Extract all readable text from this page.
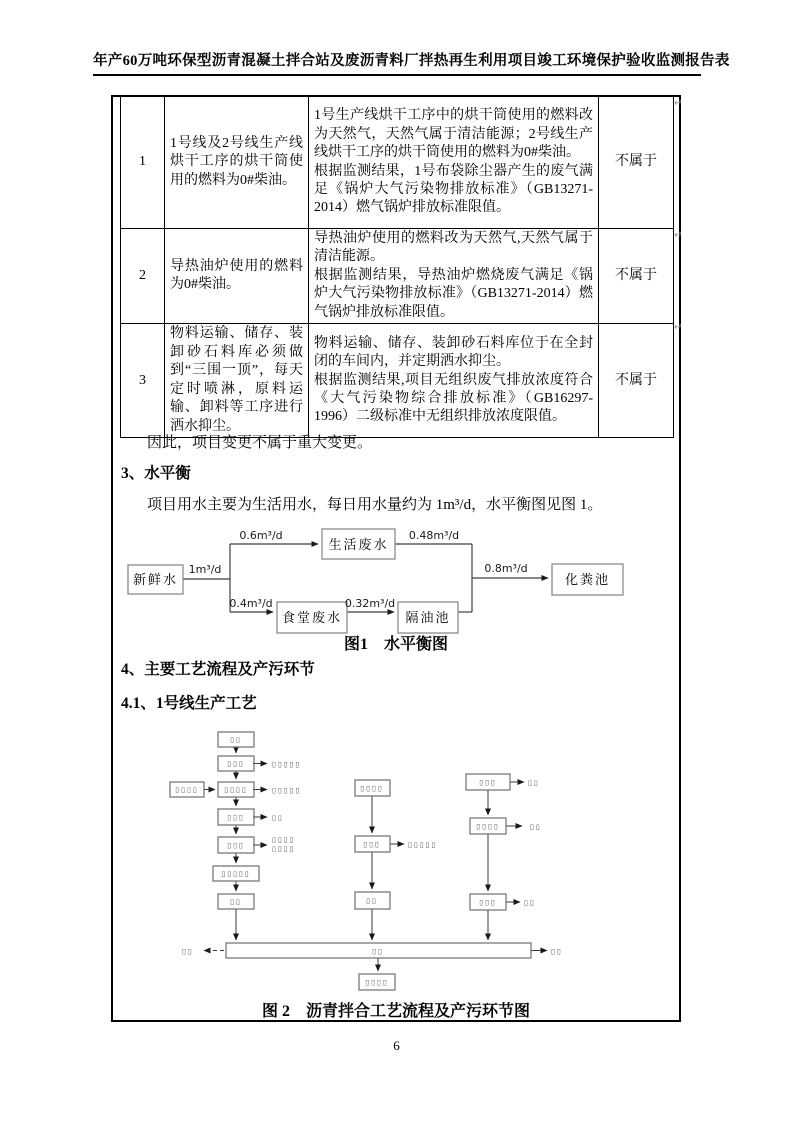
年产60万吨环保型沥青混凝土拌合站及废沥青料厂拌热再生利用项目竣工环境保护验收监测报告表
1	1号线及2号线生产线烘干工序的烘干筒使用的燃料为0#柴油。	1号生产线烘干工序中的烘干筒使用的燃料改为天然气，天然气属于清洁能源；2号线生产线烘干工序的烘干筒使用的燃料为0#柴油。

根据监测结果，1号布袋除尘器产生的废气满足《锅炉大气污染物排放标准》（GB13271-2014）燃气锅炉排放标准限值。	不属于
2	导热油炉使用的燃料为0#柴油。	导热油炉使用的燃料改为天然气,天然气属于清洁能源。

根据监测结果，导热油炉燃烧废气满足《锅炉大气污染物排放标准》（GB13271-2014）燃气锅炉排放标准限值。	不属于
3	物料运输、储存、装卸砂石料库必须做到“三围一顶”，每天定时喷淋，原料运输、卸料等工序进行洒水抑尘。	物料运输、储存、装卸砂石料库位于在全封闭的车间内，并定期洒水抑尘。

根据监测结果,项目无组织废气排放浓度符合《大气污染物综合排放标准》（GB16297-1996）二级标准中无组织排放浓度限值。	不属于
↵
↵
↵

因此，项目变更不属于重大变更。

3、水平衡

项目用水主要为生活用水，每日用水量约为 1m³/d，水平衡图见图 1。

新鲜水
生活废水
食堂废水	隔油池
化粪池
1m³/d
0.6m³/d	0.48m³/d
0.4m³/d	0.32m³/d
0.8m³/d
图1　水平衡图

4、主要工艺流程及产污环节

4.1、1号线生产工艺

▯▯
▯▯▯
▯▯▯▯	▯▯▯▯
▯▯▯
▯▯▯
▯▯▯▯▯
▯▯
▯▯▯▯
▯▯▯
▯▯
▯▯▯
▯▯▯▯
▯▯▯
▯▯
▯▯▯▯
▯▯▯▯▯
▯▯▯▯▯
▯▯
▯▯▯▯
▯▯▯▯	▯▯▯▯▯
▯▯
▯▯
▯▯
▯▯	▯▯
图 2　沥青拌合工艺流程及产污环节图
6
